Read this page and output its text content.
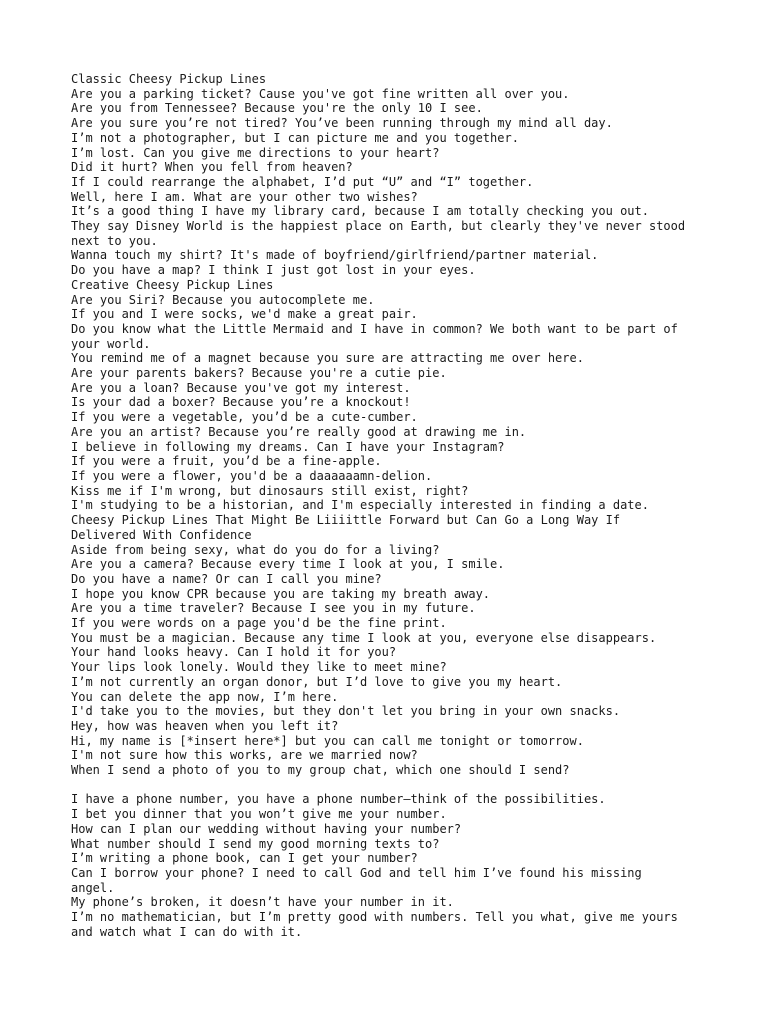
Classic Cheesy Pickup Lines
Are you a parking ticket? Cause you've got fine written all over you.
Are you from Tennessee? Because you're the only 10 I see.
Are you sure you’re not tired? You’ve been running through my mind all day.
I’m not a photographer, but I can picture me and you together.
I’m lost. Can you give me directions to your heart?
Did it hurt? When you fell from heaven?
If I could rearrange the alphabet, I’d put “U” and “I” together.
Well, here I am. What are your other two wishes?
It’s a good thing I have my library card, because I am totally checking you out.
They say Disney World is the happiest place on Earth, but clearly they've never stood next to you.
Wanna touch my shirt? It's made of boyfriend/girlfriend/partner material.
Do you have a map? I think I just got lost in your eyes.
Creative Cheesy Pickup Lines
Are you Siri? Because you autocomplete me.
If you and I were socks, we'd make a great pair.
Do you know what the Little Mermaid and I have in common? We both want to be part of your world.
You remind me of a magnet because you sure are attracting me over here.
Are your parents bakers? Because you're a cutie pie.
Are you a loan? Because you've got my interest.
Is your dad a boxer? Because you’re a knockout!
If you were a vegetable, you’d be a cute-cumber.
Are you an artist? Because you’re really good at drawing me in.
I believe in following my dreams. Can I have your Instagram?
If you were a fruit, you’d be a fine-apple.
If you were a flower, you'd be a daaaaaamn-delion.
Kiss me if I'm wrong, but dinosaurs still exist, right?
I'm studying to be a historian, and I'm especially interested in finding a date.
Cheesy Pickup Lines That Might Be Liiiittle Forward but Can Go a Long Way If Delivered With Confidence
Aside from being sexy, what do you do for a living?
Are you a camera? Because every time I look at you, I smile.
Do you have a name? Or can I call you mine?
I hope you know CPR because you are taking my breath away.
Are you a time traveler? Because I see you in my future.
If you were words on a page you'd be the fine print.
You must be a magician. Because any time I look at you, everyone else disappears.
Your hand looks heavy. Can I hold it for you?
Your lips look lonely. Would they like to meet mine?
I’m not currently an organ donor, but I’d love to give you my heart.
You can delete the app now, I’m here.
I'd take you to the movies, but they don't let you bring in your own snacks.
Hey, how was heaven when you left it?
Hi, my name is [*insert here*] but you can call me tonight or tomorrow.
I'm not sure how this works, are we married now?
When I send a photo of you to my group chat, which one should I send?
I have a phone number, you have a phone number—think of the possibilities.
I bet you dinner that you won’t give me your number.
How can I plan our wedding without having your number?
What number should I send my good morning texts to?
I’m writing a phone book, can I get your number?
Can I borrow your phone? I need to call God and tell him I’ve found his missing angel.
My phone’s broken, it doesn’t have your number in it.
I’m no mathematician, but I’m pretty good with numbers. Tell you what, give me yours and watch what I can do with it.
